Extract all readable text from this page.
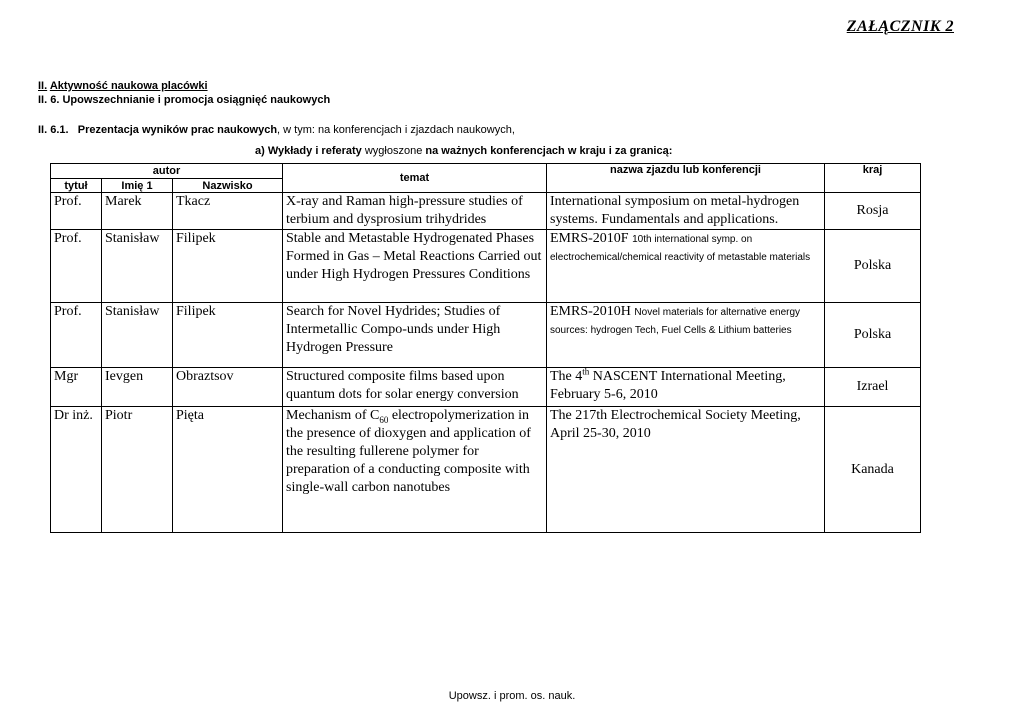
ZAŁĄCZNIK 2
II. Aktywność naukowa placówki
II. 6. Upowszechnianie i promocja osiągnięć naukowych
II. 6.1. Prezentacja wyników prac naukowych, w tym: na konferencjach i zjazdach naukowych,
a) Wykłady i referaty wygłoszone na ważnych konferencjach w kraju i za granicą:
autor			temat	nazwa zjazdu lub konferencji	kraj
tytuł	Imię 1	Nazwisko			
Prof.	Marek	Tkacz	X-ray and Raman high-pressure studies of terbium and dysprosium trihydrides	International symposium on metal-hydrogen systems. Fundamentals and applications.	Rosja
Prof.	Stanisław	Filipek	Stable and Metastable Hydrogenated Phases Formed in Gas – Metal Reactions Carried out under High Hydrogen Pressures Conditions	EMRS-2010F 10th international symp. on electrochemical/chemical reactivity of metastable materials	Polska
Prof.	Stanisław	Filipek	Search for Novel Hydrides; Studies of Intermetallic Compo-unds under High Hydrogen Pressure	EMRS-2010H Novel materials for alternative energy sources: hydrogen Tech, Fuel Cells & Lithium batteries	Polska
Mgr	Ievgen	Obraztsov	Structured composite films based upon quantum dots for solar energy conversion	The 4th NASCENT International Meeting, February 5-6, 2010	Izrael
Dr inż.	Piotr	Pięta	Mechanism of $C_{60}$ electropolymerization in the presence of dioxygen and application of the resulting fullerene polymer for preparation of a conducting composite with single-wall carbon nanotubes	The 217th Electrochemical Society Meeting, April 25-30, 2010	Kanada
Upowsz. i prom. os. nauk.
